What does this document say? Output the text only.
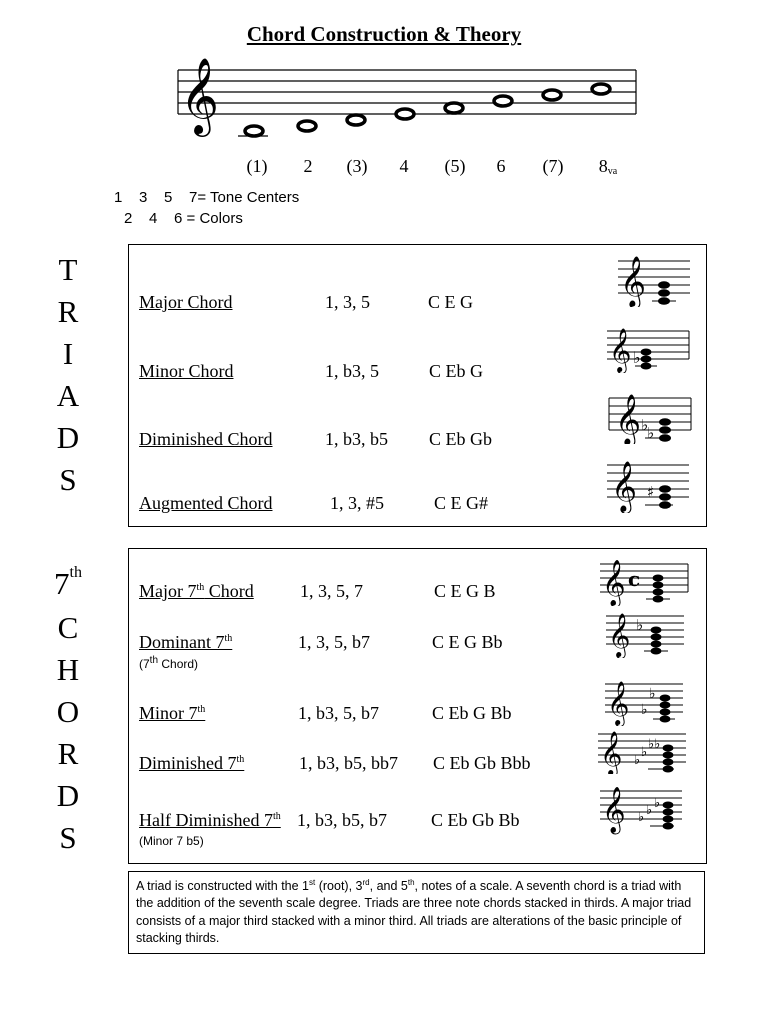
Chord Construction & Theory
𝄞
(1)	2	(3)	4	(5)	6	(7)	$8_{va}$
1    3    5    7= Tone Centers
2    4    6 = Colors
T
R
I
A
D
S
Major Chord	1, 3, 5	C E G
Minor Chord	1, b3, 5	C Eb G
Diminished Chord	1, b3, b5 C Eb Gb
Augmented Chord	1, 3, #5	C E G#
𝄞
𝄞 ♭
𝄞 ♭
♭
𝄞 ♯
7th
C
H
O
R
D
S
Major 7th Chord	1, 3, 5, 7	C E G B
Dominant 7th
(7th Chord)
1, 3, 5, b7	C E G Bb
Minor 7th	1, b3, 5, b7	C Eb G Bb
Diminished 7th	1, b3, b5, bb7 C Eb Gb Bbb
Half Diminished 7th
(Minor 7 b5)
1, b3, b5, b7 C Eb Gb Bb
𝄞 c
𝄞 ♭
𝄞 ♭
♭
𝄞 ♭
♭
♭♭
𝄞 ♭ ♭ ♭
A triad is constructed with the 1st (root), 3rd, and 5th, notes of a scale. A seventh chord is a triad with the addition of the seventh scale degree. Triads are three note chords stacked in thirds. A major triad consists of a major third stacked with a minor third. All triads are alterations of the basic principle of stacking thirds.
